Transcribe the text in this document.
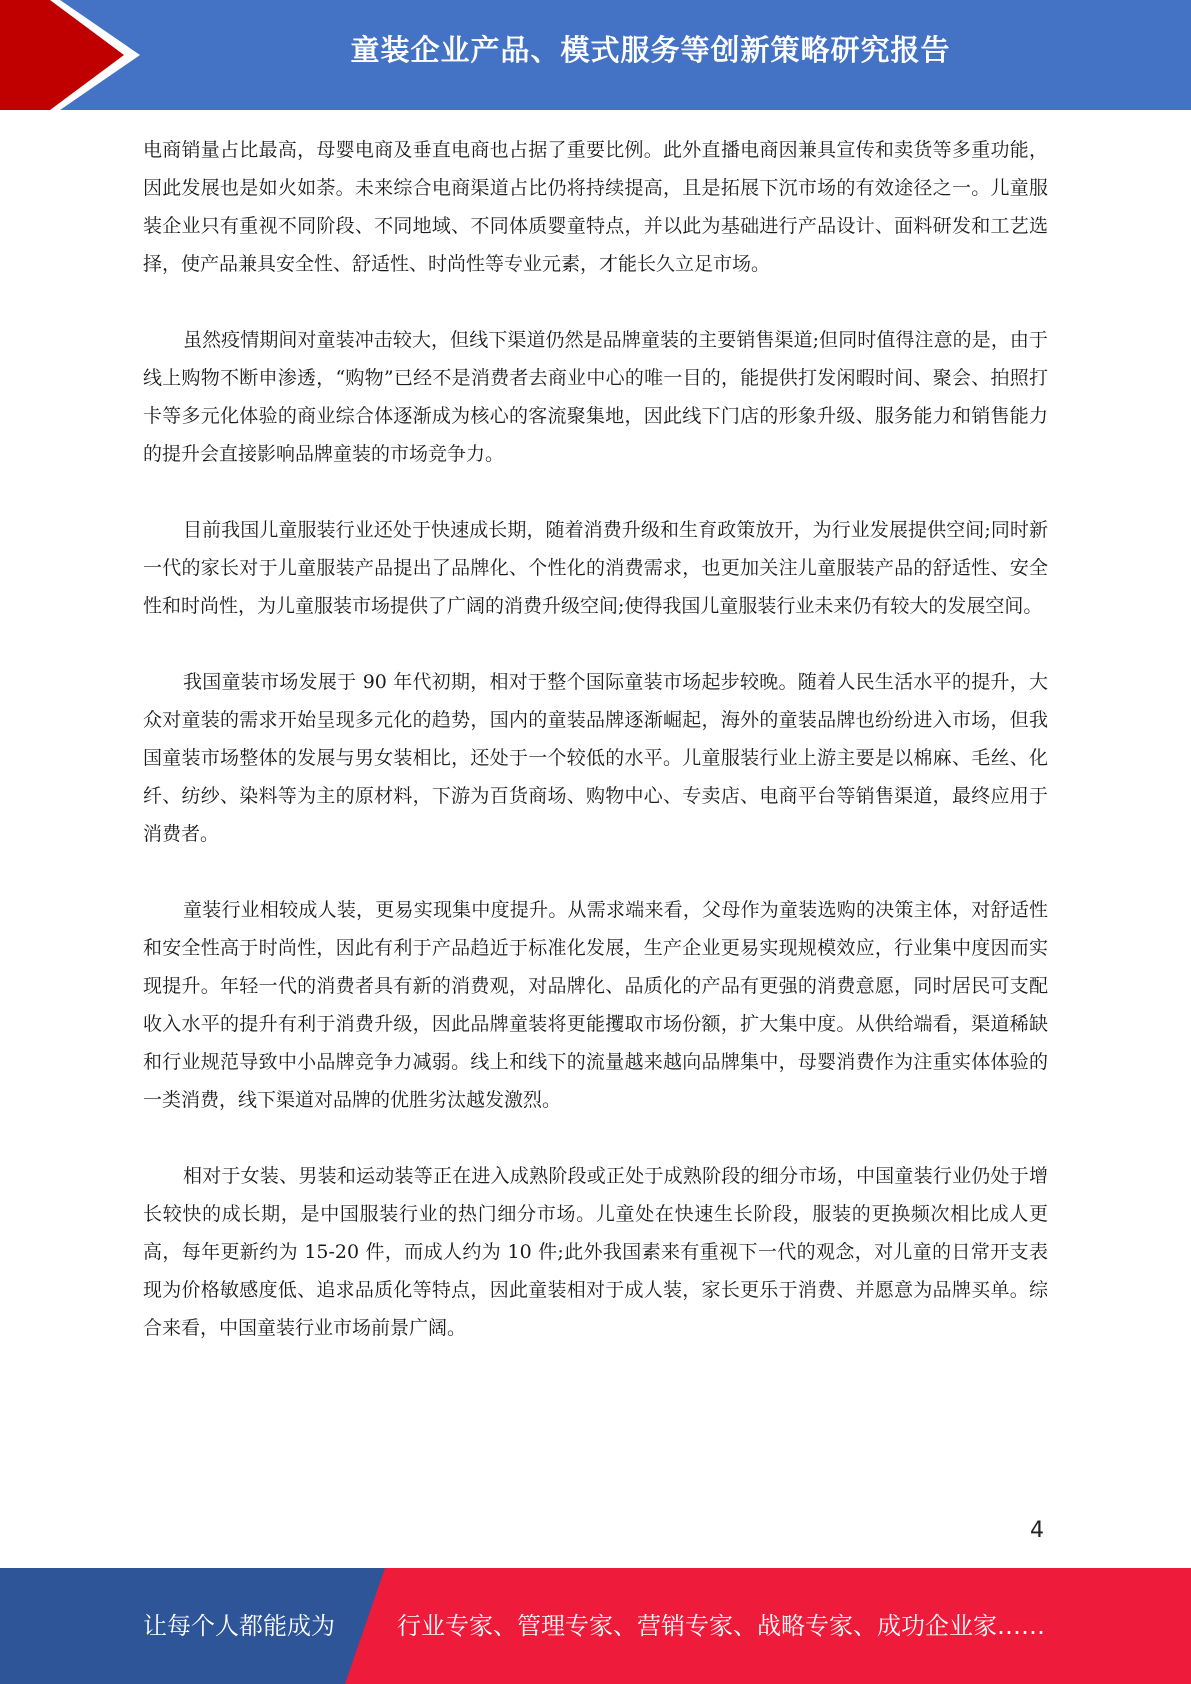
童装企业产品、模式服务等创新策略研究报告

电商销量占比最高，母婴电商及垂直电商也占据了重要比例。此外直播电商因兼具宣传和卖货等多重功能，因此发展也是如火如荼。未来综合电商渠道占比仍将持续提高，且是拓展下沉市场的有效途径之一。儿童服装企业只有重视不同阶段、不同地域、不同体质婴童特点，并以此为基础进行产品设计、面料研发和工艺选择，使产品兼具安全性、舒适性、时尚性等专业元素，才能长久立足市场。

虽然疫情期间对童装冲击较大，但线下渠道仍然是品牌童装的主要销售渠道;但同时值得注意的是，由于线上购物不断申渗透，“购物”已经不是消费者去商业中心的唯一目的，能提供打发闲暇时间、聚会、拍照打卡等多元化体验的商业综合体逐渐成为核心的客流聚集地，因此线下门店的形象升级、服务能力和销售能力的提升会直接影响品牌童装的市场竞争力。

目前我国儿童服装行业还处于快速成长期，随着消费升级和生育政策放开，为行业发展提供空间;同时新一代的家长对于儿童服装产品提出了品牌化、个性化的消费需求，也更加关注儿童服装产品的舒适性、安全性和时尚性，为儿童服装市场提供了广阔的消费升级空间;使得我国儿童服装行业未来仍有较大的发展空间。

我国童装市场发展于 90 年代初期，相对于整个国际童装市场起步较晚。随着人民生活水平的提升，大众对童装的需求开始呈现多元化的趋势，国内的童装品牌逐渐崛起，海外的童装品牌也纷纷进入市场，但我国童装市场整体的发展与男女装相比，还处于一个较低的水平。儿童服装行业上游主要是以棉麻、毛丝、化纤、纺纱、染料等为主的原材料，下游为百货商场、购物中心、专卖店、电商平台等销售渠道，最终应用于消费者。

童装行业相较成人装，更易实现集中度提升。从需求端来看，父母作为童装选购的决策主体，对舒适性和安全性高于时尚性，因此有利于产品趋近于标准化发展，生产企业更易实现规模效应，行业集中度因而实现提升。年轻一代的消费者具有新的消费观，对品牌化、品质化的产品有更强的消费意愿，同时居民可支配收入水平的提升有利于消费升级，因此品牌童装将更能攫取市场份额，扩大集中度。从供给端看，渠道稀缺和行业规范导致中小品牌竞争力减弱。线上和线下的流量越来越向品牌集中，母婴消费作为注重实体体验的一类消费，线下渠道对品牌的优胜劣汰越发激烈。

相对于女装、男装和运动装等正在进入成熟阶段或正处于成熟阶段的细分市场，中国童装行业仍处于增长较快的成长期，是中国服装行业的热门细分市场。儿童处在快速生长阶段，服装的更换频次相比成人更高，每年更新约为 15-20 件，而成人约为 10 件;此外我国素来有重视下一代的观念，对儿童的日常开支表现为价格敏感度低、追求品质化等特点，因此童装相对于成人装，家长更乐于消费、并愿意为品牌买单。综合来看，中国童装行业市场前景广阔。

4
让每个人都能成为	行业专家、管理专家、营销专家、战略专家、成功企业家……
